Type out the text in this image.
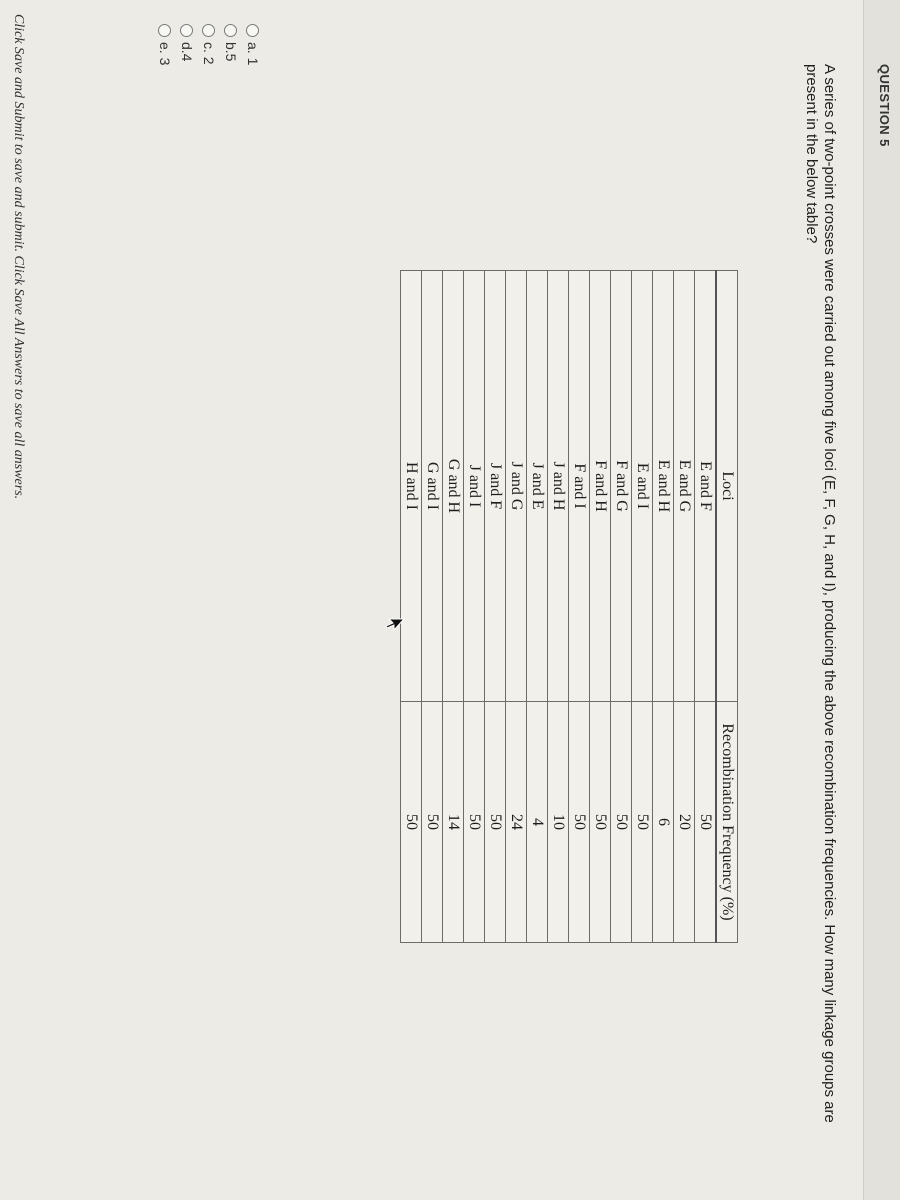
QUESTION 5
A series of two-point crosses were carried out among five loci (E, F, G, H, and I), producing the above recombination frequencies. How many linkage groups are present in the below table?
Loci	Recombination Frequency (%)
E and F	50
E and G	20
E and H	6
E and I	50
F and G	50
F and H	50
F and I	50
J and H	10
J and E	4
J and G	24
J and F	50
J and I	50
G and H	14
G and I	50
H and I	50
a. 1
b.5
c. 2
d.4
e. 3
Click Save and Submit to save and submit. Click Save All Answers to save all answers.
